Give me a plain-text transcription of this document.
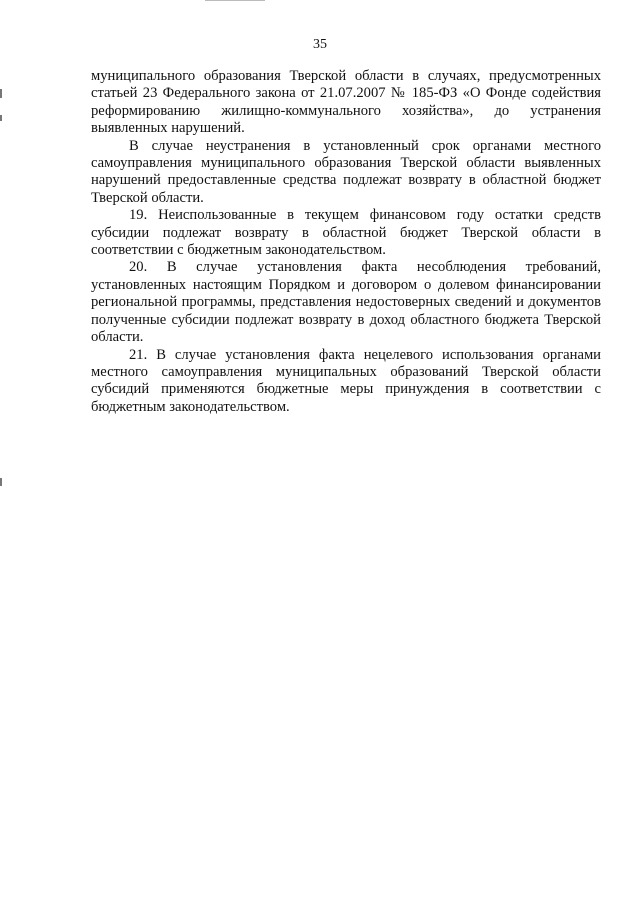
35

муниципального образования Тверской области в случаях, предусмотренных статьей 23 Федерального закона от 21.07.2007 № 185-ФЗ «О Фонде содействия реформированию жилищно-коммунального хозяйства», до устранения выявленных нарушений.

В случае неустранения в установленный срок органами местного самоуправления муниципального образования Тверской области выявленных нарушений предоставленные средства подлежат возврату в областной бюджет Тверской области.

19. Неиспользованные в текущем финансовом году остатки средств субсидии подлежат возврату в областной бюджет Тверской области в соответствии с бюджетным законодательством.

20. В случае установления факта несоблюдения требований, установленных настоящим Порядком и договором о долевом финансировании региональной программы, представления недостоверных сведений и документов полученные субсидии подлежат возврату в доход областного бюджета Тверской области.

21. В случае установления факта нецелевого использования органами местного самоуправления муниципальных образований Тверской области субсидий применяются бюджетные меры принуждения в соответствии с бюджетным законодательством.
